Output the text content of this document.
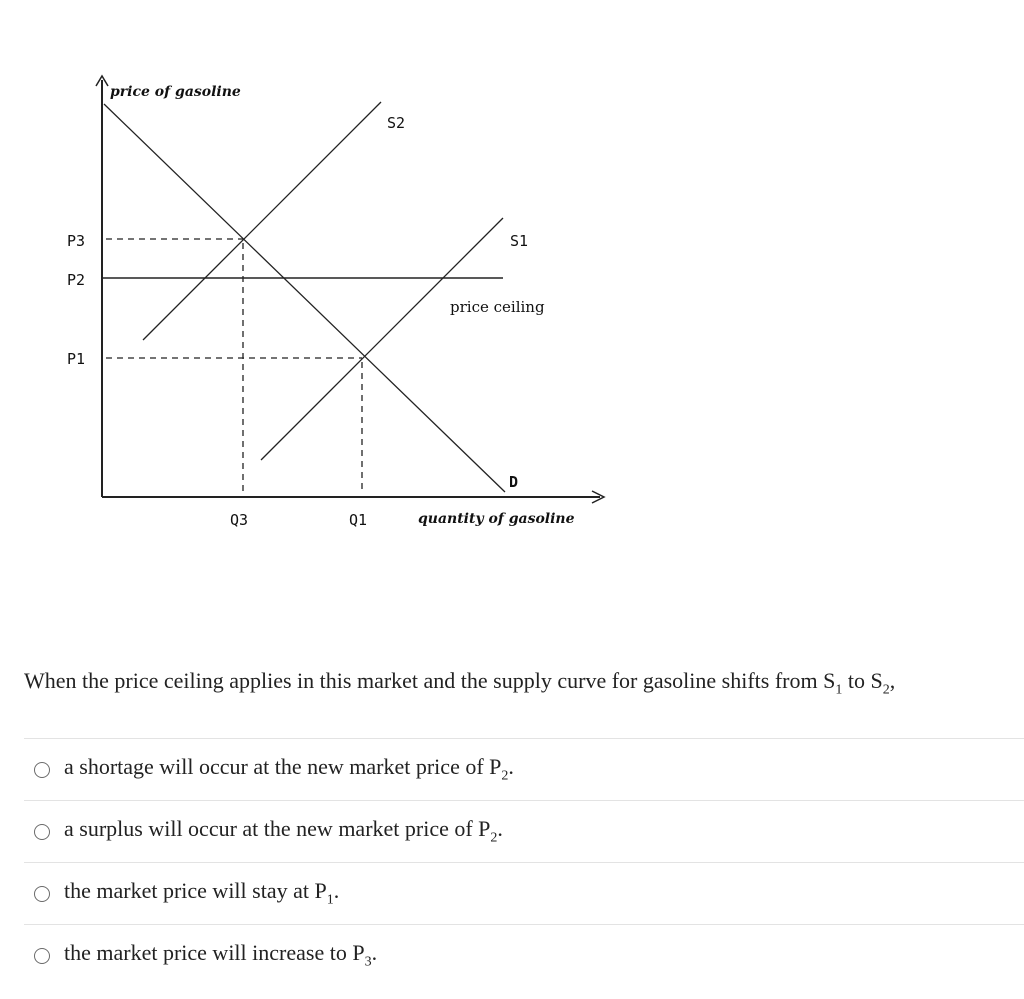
price of gasoline
quantity of gasoline
P3
P2
P1
Q3	Q1
S2
S1
D
price ceiling
When the price ceiling applies in this market and the supply curve for gasoline shifts from $S_1$ to $S_2$,
a shortage will occur at the new market price of $P_2$.
a surplus will occur at the new market price of $P_2$.
the market price will stay at $P_1$.
the market price will increase to $P_3$.
